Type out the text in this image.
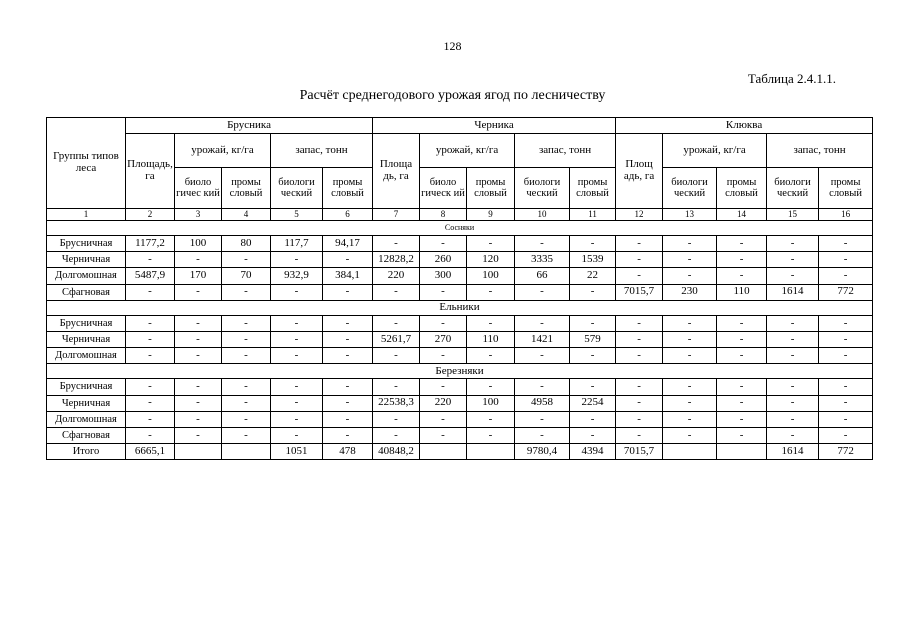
128
Таблица 2.4.1.1.
Расчёт среднегодового урожая ягод по лесничеству
Группы типов леса	Брусника					Черника					Клюква				
	Площадь, га	урожай, кг/га		запас, тонн		Площа дь, га	урожай, кг/га		запас, тонн		Площ адь, га	урожай, кг/га		запас, тонн	
		биоло гичес кий	промы словый	биологи ческий	промы словый		биоло гическ ий	промы словый	биологи ческий	промы словый		биологи ческий	промы словый	биологи ческий	промы словый
1	2	3	4	5	6	7	8	9	10	11	12	13	14	15	16
Сосняки															
Брусничная	1177,2	100	80	117,7	94,17	-	-	-	-	-	-	-	-	-	-
Черничная	-	-	-	-	-	12828,2	260	120	3335	1539	-	-	-	-	-
Долгомошная	5487,9	170	70	932,9	384,1	220	300	100	66	22	-	-	-	-	-
Сфагновая	-	-	-	-	-	-	-	-	-	-	7015,7	230	110	1614	772
Ельники															
Брусничная	-	-	-	-	-	-	-	-	-	-	-	-	-	-	-
Черничная	-	-	-	-	-	5261,7	270	110	1421	579	-	-	-	-	-
Долгомошная	-	-	-	-	-	-	-	-	-	-	-	-	-	-	-
Березняки															
Брусничная	-	-	-	-	-	-	-	-	-	-	-	-	-	-	-
Черничная	-	-	-	-	-	22538,3	220	100	4958	2254	-	-	-	-	-
Долгомошная	-	-	-	-	-	-	-	-	-	-	-	-	-	-	-
Сфагновая	-	-	-	-	-	-	-	-	-	-	-	-	-	-	-
Итого	6665,1			1051	478	40848,2			9780,4	4394	7015,7			1614	772
